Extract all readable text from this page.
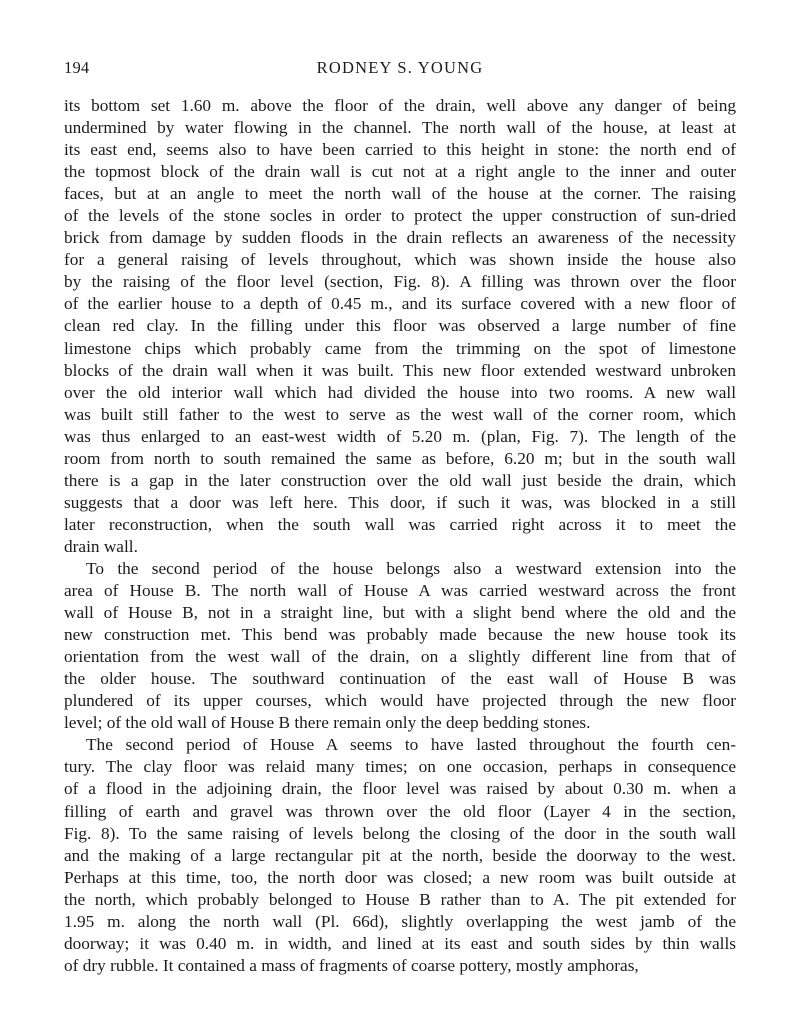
194	RODNEY S. YOUNG
its bottom set 1.60 m. above the floor of the drain, well above any danger of being
undermined by water flowing in the channel. The north wall of the house, at least at
its east end, seems also to have been carried to this height in stone: the north end of
the topmost block of the drain wall is cut not at a right angle to the inner and outer
faces, but at an angle to meet the north wall of the house at the corner. The raising
of the levels of the stone socles in order to protect the upper construction of sun-dried
brick from damage by sudden floods in the drain reflects an awareness of the necessity
for a general raising of levels throughout, which was shown inside the house also
by the raising of the floor level (section, Fig. 8). A filling was thrown over the floor
of the earlier house to a depth of 0.45 m., and its surface covered with a new floor of
clean red clay. In the filling under this floor was observed a large number of fine
limestone chips which probably came from the trimming on the spot of limestone
blocks of the drain wall when it was built. This new floor extended westward unbroken
over the old interior wall which had divided the house into two rooms. A new wall
was built still father to the west to serve as the west wall of the corner room, which
was thus enlarged to an east-west width of 5.20 m. (plan, Fig. 7). The length of the
room from north to south remained the same as before, 6.20 m; but in the south wall
there is a gap in the later construction over the old wall just beside the drain, which
suggests that a door was left here. This door, if such it was, was blocked in a still
later reconstruction, when the south wall was carried right across it to meet the
drain wall.
To the second period of the house belongs also a westward extension into the
area of House B. The north wall of House A was carried westward across the front
wall of House B, not in a straight line, but with a slight bend where the old and the
new construction met. This bend was probably made because the new house took its
orientation from the west wall of the drain, on a slightly different line from that of
the older house. The southward continuation of the east wall of House B was
plundered of its upper courses, which would have projected through the new floor
level; of the old wall of House B there remain only the deep bedding stones.
The second period of House A seems to have lasted throughout the fourth cen-
tury. The clay floor was relaid many times; on one occasion, perhaps in consequence
of a flood in the adjoining drain, the floor level was raised by about 0.30 m. when a
filling of earth and gravel was thrown over the old floor (Layer 4 in the section,
Fig. 8). To the same raising of levels belong the closing of the door in the south wall
and the making of a large rectangular pit at the north, beside the doorway to the west.
Perhaps at this time, too, the north door was closed; a new room was built outside at
the north, which probably belonged to House B rather than to A. The pit extended for
1.95 m. along the north wall (Pl. 66d), slightly overlapping the west jamb of the
doorway; it was 0.40 m. in width, and lined at its east and south sides by thin walls
of dry rubble. It contained a mass of fragments of coarse pottery, mostly amphoras,
